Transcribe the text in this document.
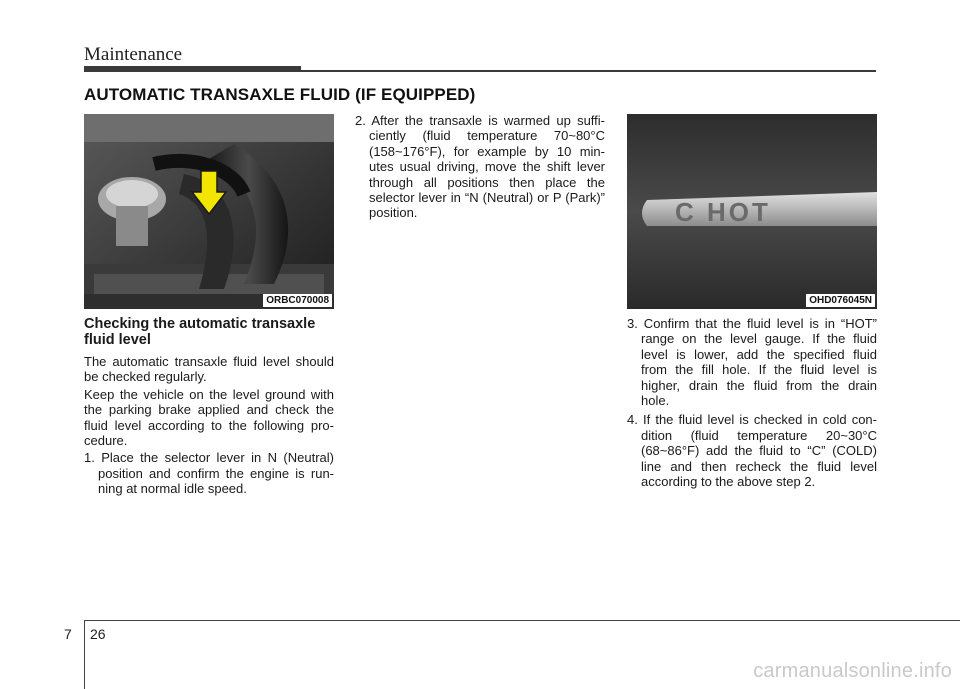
Maintenance
AUTOMATIC TRANSAXLE FLUID (IF EQUIPPED)
ORBC070008
C HOT
OHD076045N
Checking the automatic transaxle fluid level

The automatic transaxle fluid level should be checked regularly.

Keep the vehicle on the level ground with the parking brake applied and check the fluid level according to the following pro- cedure.

1. Place the selector lever in N (Neutral) position and confirm the engine is run- ning at normal idle speed.
2. After the transaxle is warmed up suffi- ciently (fluid temperature 70~80°C (158~176°F), for example by 10 min- utes usual driving, move the shift lever through all positions then place the selector lever in “N (Neutral) or P (Park)” position.
3. Confirm that the fluid level is in “HOT” range on the level gauge. If the fluid level is lower, add the specified fluid from the fill hole. If the fluid level is higher, drain the fluid from the drain hole.
4. If the fluid level is checked in cold con- dition (fluid temperature 20~30°C (68~86°F) add the fluid to “C” (COLD) line and then recheck the fluid level according to the above step 2.
7 26
carmanualsonline.info
